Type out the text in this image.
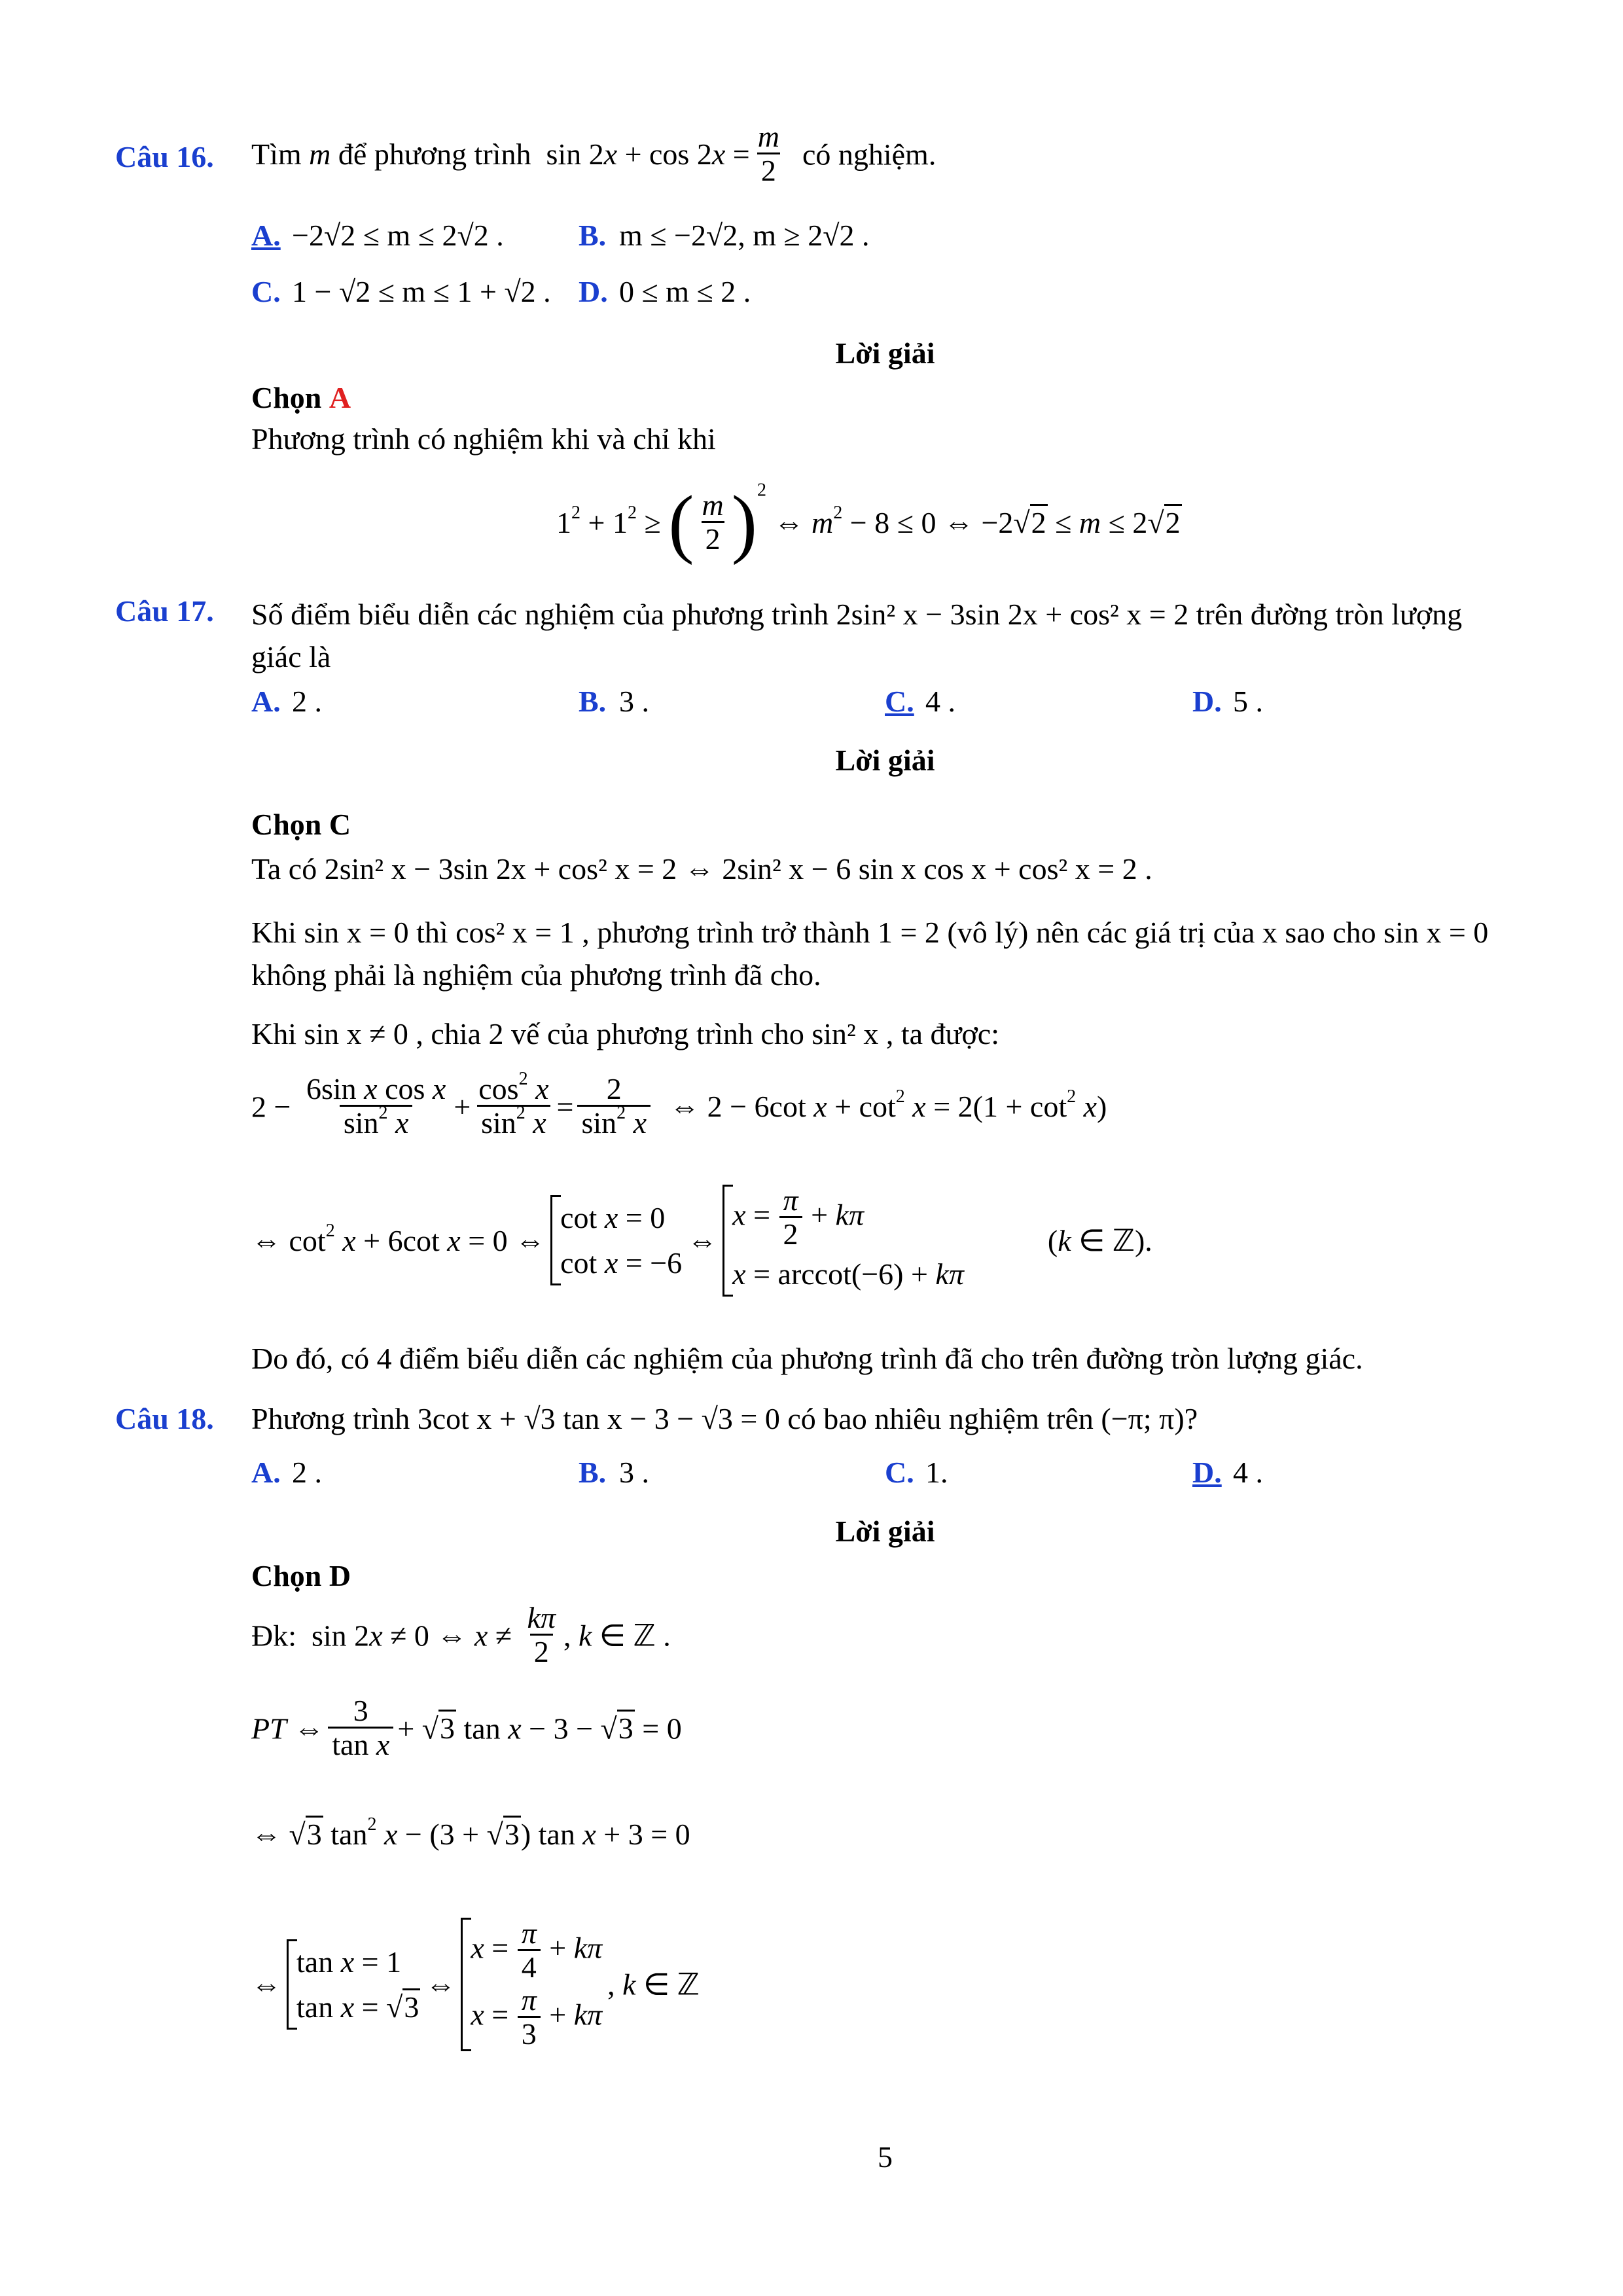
Câu 16. Tìm m để phương trình  $\sin 2x + \cos 2x = \frac{m}{2}$ có nghiệm.
A. −2√2 ≤ m ≤ 2√2 . B. m ≤ −2√2, m ≥ 2√2 .
C. 1 − √2 ≤ m ≤ 1 + √2 . D. 0 ≤ m ≤ 2 .
Lời giải
Chọn A
Phương trình có nghiệm khi và chỉ khi
$1^2 + 1^2$ ≥ ( $\frac{m}{2} )^2$ ⇔ $m^2 - 8 \le 0$ ⇔ −2√2 ≤ m ≤ 2√2
Câu 17. Số điểm biểu diễn các nghiệm của phương trình 2sin² x − 3sin 2x + cos² x = 2 trên đường tròn lượng giác là
A. 2 .	B. 3 .	C. 4 .	D. 5 .
Lời giải
Chọn C
Ta có 2sin² x − 3sin 2x + cos² x = 2 ⇔ 2sin² x − 6 sin x cos x + cos² x = 2 .
Khi sin x = 0 thì cos² x = 1 , phương trình trở thành 1 = 2 (vô lý) nên các giá trị của x sao cho sin x = 0 không phải là nghiệm của phương trình đã cho.
Khi sin x ≠ 0 , chia 2 vế của phương trình cho sin² x , ta được:
$2 - \frac{\text{6sin x cos x}}{\sin^2 x} + \frac{\cos^2 x}{\sin^2 x} = \frac{2}{\sin^2 x}$ ⇔ 2 − 6cot $x + \cot^2 x = 2(1 + \cot^2 x)$
⇔ $\cot^2 x + 6\cot$ x = 0 ⇔
cot x = 0
cot x = −6
⇔
$x = \frac{\pi}{2} + k\pi$
x = arccot(−6) + kπ
(k ∈ ℤ).
Do đó, có 4 điểm biểu diễn các nghiệm của phương trình đã cho trên đường tròn lượng giác.
Câu 18. Phương trình 3cot x + √3 tan x − 3 − √3 = 0 có bao nhiêu nghiệm trên (−π; π)?
A. 2 .	B. 3 .	C. 1.	D. 4 .
Lời giải
Chọn D
Đk:  sin 2x ≠ 0 ⇔ $x \ne \frac{k\pi}{2}$ , k ∈ ℤ .
PT ⇔ $\frac{3}{\text{tan x}} + √3$ tan x − 3 − √3 = 0
⇔ √3 $\tan^2 x - (3 + √3)$ tan x + 3 = 0
⇔
tan x = 1
tan x = √3
⇔
$x = \frac{\pi}{4} + k\pi$
$x = \frac{\pi}{3} + k\pi$
, k ∈ ℤ
5
